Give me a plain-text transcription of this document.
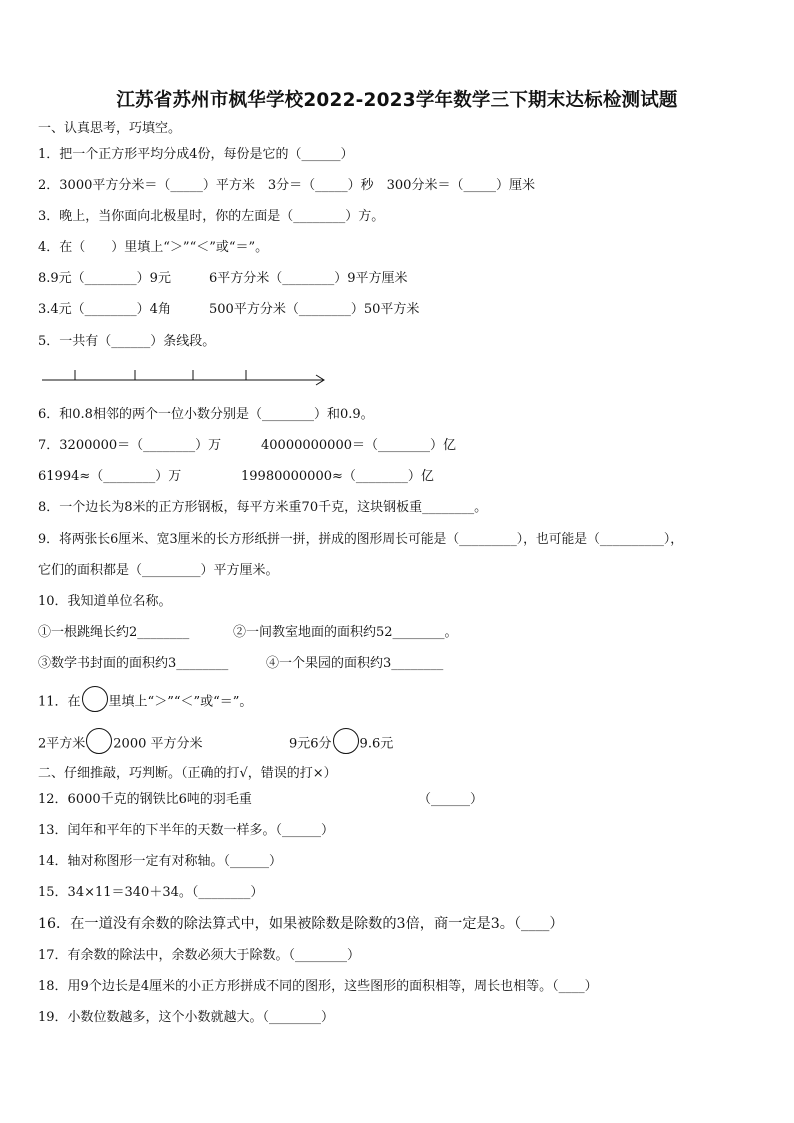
江苏省苏州市枫华学校2022-2023学年数学三下期末达标检测试题
一、认真思考，巧填空。
1．把一个正方形平均分成4份，每份是它的（______）
2．3000平方分米＝（_____）平方米　3分＝（_____）秒　300分米＝（_____）厘米
3．晚上，当你面向北极星时，你的左面是（________）方。
4．在（　　）里填上“＞”“＜”或“＝”。
8.9元（________）9元	6平方分米（________）9平方厘米
3.4元（________）4角	500平方分米（________）50平方米
5．一共有（______）条线段。
6．和0.8相邻的两个一位小数分别是（________）和0.9。
7．3200000＝（________）万	40000000000＝（________）亿
61994≈（________）万	19980000000≈（________）亿
8．一个边长为8米的正方形钢板，每平方米重70千克，这块钢板重________。
9．将两张长6厘米、宽3厘米的长方形纸拼一拼，拼成的图形周长可能是（_________），也可能是（__________），
它们的面积都是（_________）平方厘米。
10．我知道单位名称。
①一根跳绳长约2________	②一间教室地面的面积约52________。
③数学书封面的面积约3________	④一个果园的面积约3________
11．在 里填上“＞”“＜”或“＝”。
2平方米 2000 平方分米	9元6分 9.6元
二、仔细推敲，巧判断。（正确的打√，错误的打×）
12．6000千克的钢铁比6吨的羽毛重	（______）
13．闰年和平年的下半年的天数一样多。（______）
14．轴对称图形一定有对称轴。（______）
15．34×11＝340＋34。（________）
16．在一道没有余数的除法算式中，如果被除数是除数的3倍，商一定是3。（____）
17．有余数的除法中，余数必须大于除数。（________）
18．用9个边长是4厘米的小正方形拼成不同的图形，这些图形的面积相等，周长也相等。（____）
19．小数位数越多，这个小数就越大。（________）
